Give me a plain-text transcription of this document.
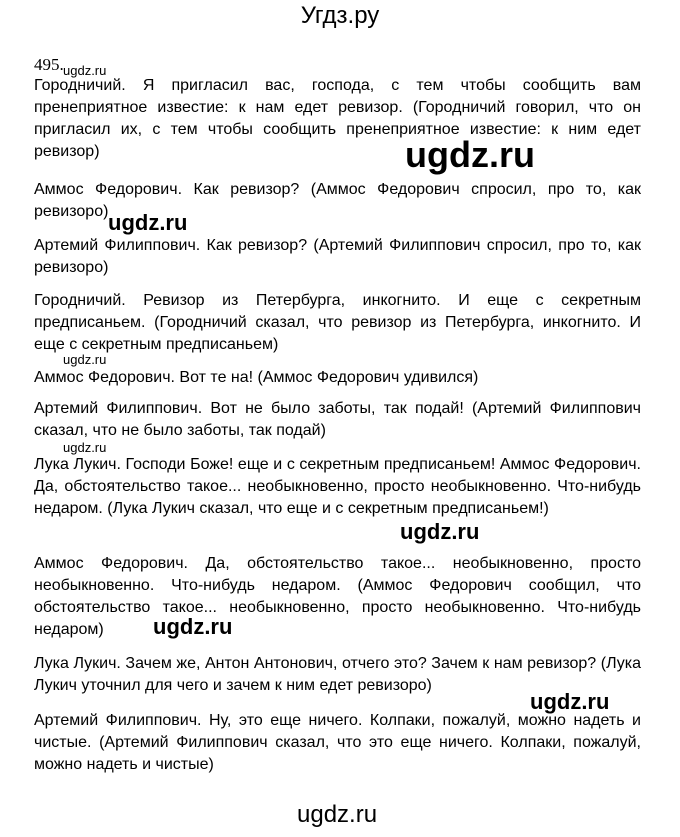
Угдз.ру
495.
Городничий. Я пригласил вас, господа, с тем чтобы сообщить вам пренеприятное известие: к нам едет ревизор. (Городничий говорил, что он пригласил их, с тем чтобы сообщить пренеприятное известие: к ним едет ревизор)
Аммос Федорович. Как ревизор? (Аммос Федорович спросил, про то, как ревизоро)
Артемий Филиппович. Как ревизор? (Артемий Филиппович спросил, про то, как ревизоро)
Городничий. Ревизор из Петербурга, инкогнито. И еще с секретным предписаньем. (Городничий сказал, что ревизор из Петербурга, инкогнито. И еще с секретным предписаньем)
Аммос Федорович. Вот те на! (Аммос Федорович удивился)
Артемий Филиппович. Вот не было заботы, так подай! (Артемий Филиппович сказал, что не было заботы, так подай)
Лука Лукич. Господи Боже! еще и с секретным предписаньем! Аммос Федорович. Да, обстоятельство такое... необыкновенно, просто необыкновенно. Что-нибудь недаром. (Лука Лукич сказал, что еще и с секретным предписаньем!)
Аммос Федорович. Да, обстоятельство такое... необыкновенно, просто необыкновенно. Что-нибудь недаром. (Аммос Федорович сообщил, что обстоятельство такое... необыкновенно, просто необыкновенно. Что-нибудь недаром)
Лука Лукич. Зачем же, Антон Антонович, отчего это? Зачем к нам ревизор? (Лука Лукич уточнил для чего и зачем к ним едет ревизоро)
Артемий Филиппович. Ну, это еще ничего. Колпаки, пожалуй, можно надеть и чистые. (Артемий Филиппович сказал, что это еще ничего. Колпаки, пожалуй, можно надеть и чистые)
ugdz.ru
ugdz.ru
ugdz.ru
ugdz.ru
ugdz.ru
ugdz.ru
ugdz.ru
ugdz.ru
ugdz.ru
